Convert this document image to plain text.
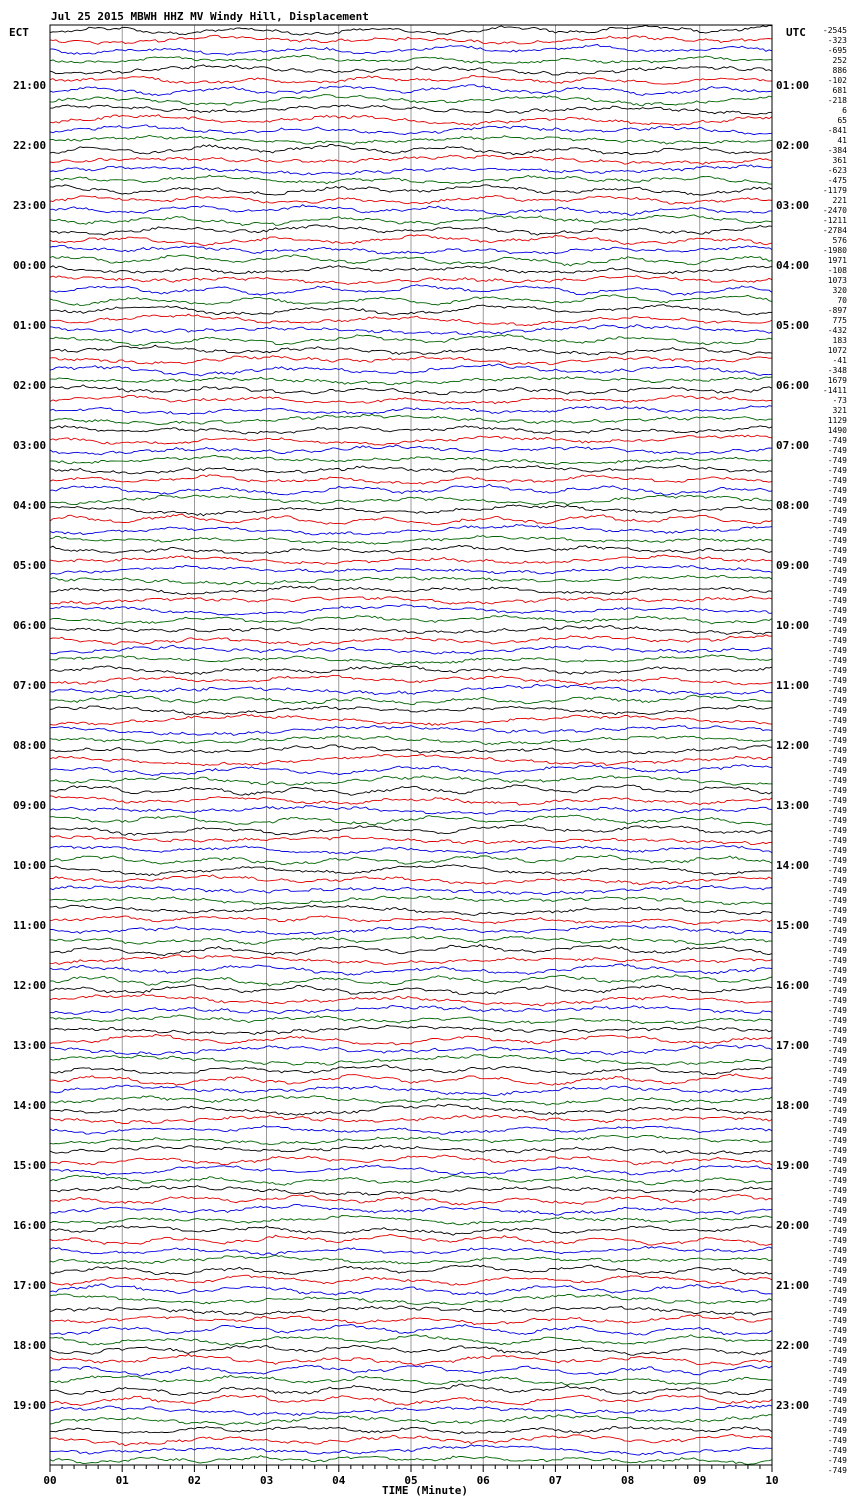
Jul 25 2015 MBWH HHZ MV Windy Hill, Displacement
ECT	UTC
21:00
22:00
23:00
00:00
01:00
02:00
03:00
04:00
05:00
06:00
07:00
08:00
09:00
10:00
11:00
12:00
13:00
14:00
15:00
16:00
17:00
18:00
19:00
01:00
02:00
03:00
04:00
05:00
06:00
07:00
08:00
09:00
10:00
11:00
12:00
13:00
14:00
15:00
16:00
17:00
18:00
19:00
20:00
21:00
22:00
23:00
-2545
-323
-695
252
886
-102
681
-218
6
65
-841
41
-384
361
-623
-475
-1179
221
-2470
-1211
-2784
576
-1980
1971
-108
1073
320
70
-897
775
-432
183
1072
-41
-348
1679
-1411
-73
321
1129
1490
-749
-749
-749
-749
-749
-749
-749
-749
-749
-749
-749
-749
-749
-749
-749
-749
-749
-749
-749
-749
-749
-749
-749
-749
-749
-749
-749
-749
-749
-749
-749
-749
-749
-749
-749
-749
-749
-749
-749
-749
-749
-749
-749
-749
-749
-749
-749
-749
-749
-749
-749
-749
-749
-749
-749
-749
-749
-749
-749
-749
-749
-749
-749
-749
-749
-749
-749
-749
-749
-749
-749
-749
-749
-749
-749
-749
-749
-749
-749
-749
-749
-749
-749
-749
-749
-749
-749
-749
-749
-749
-749
-749
-749
-749
-749
-749
-749
-749
-749
-749
-749
-749
-749
-749
00	01	02	03	04	05	06	07	08	09	10
TIME (Minute)
